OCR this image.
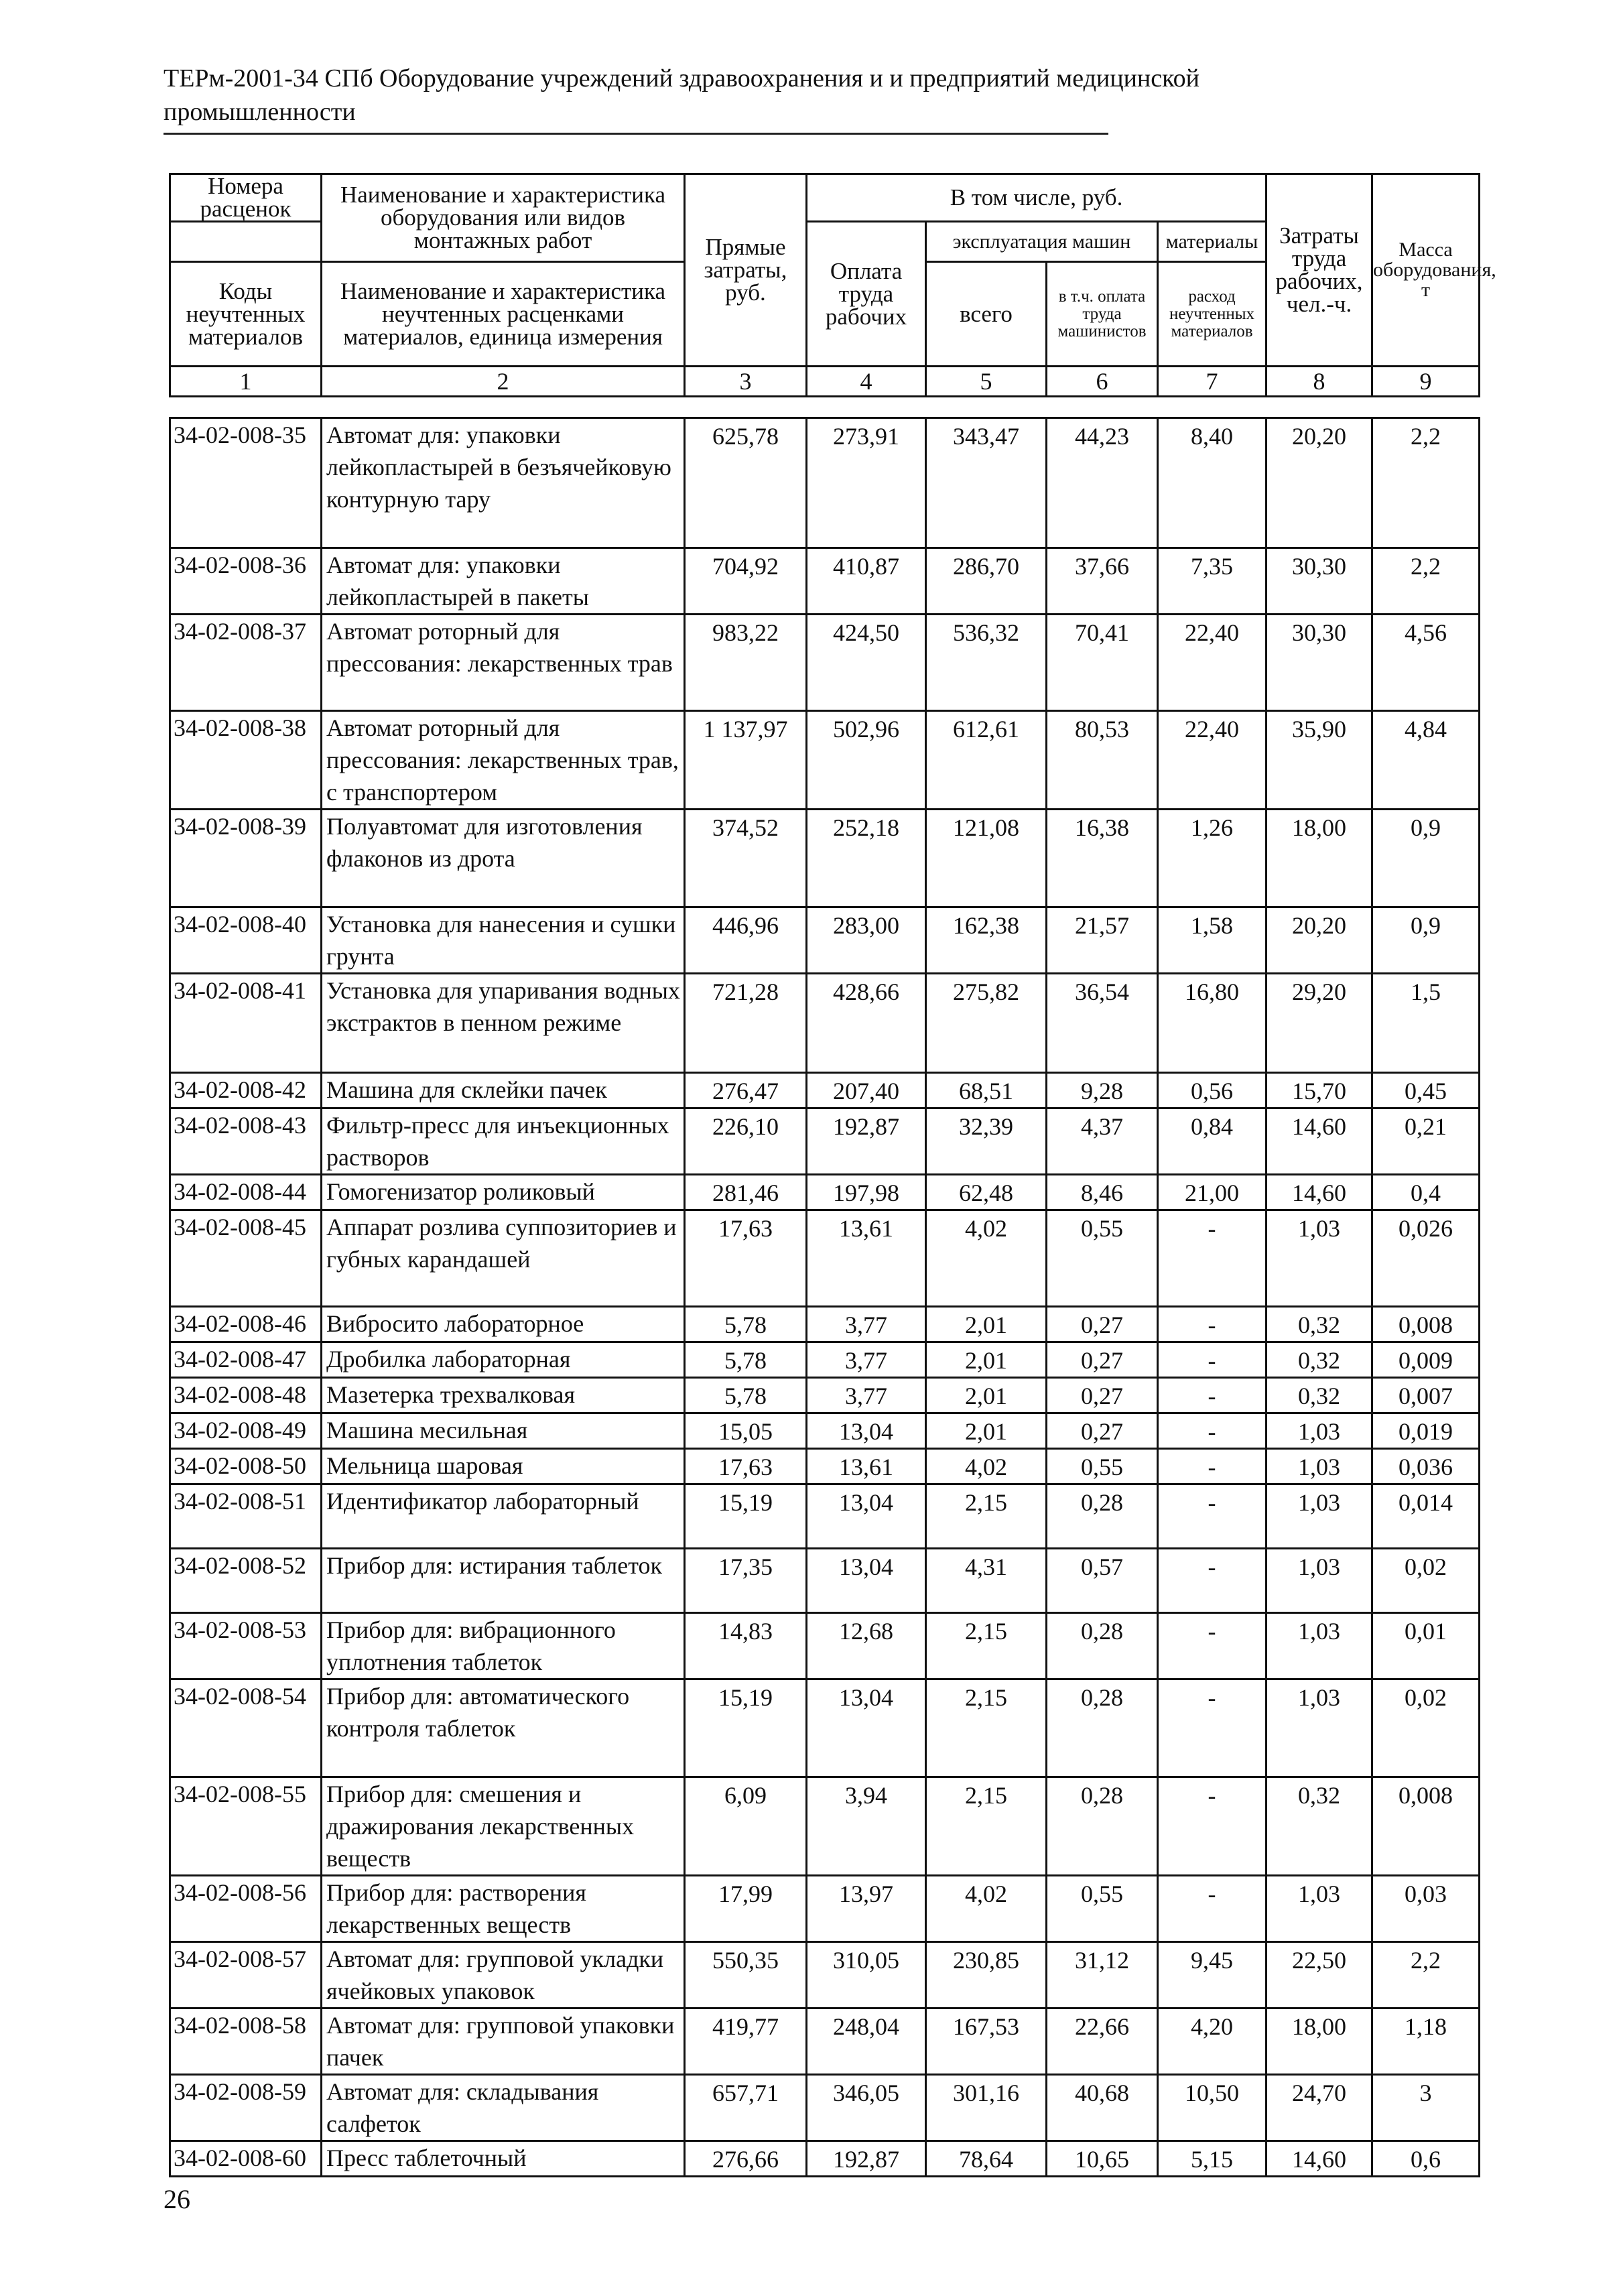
ТЕРм-2001-34 СПб Оборудование учреждений здравоохранения и и предприятий медицинской промышленности
Номера расценок	Наименование и характеристика оборудования или видов монтажных работ	Прямые затраты, руб.	В том числе, руб.				Затраты труда рабочих, чел.-ч.	Масса оборудования, т
			Оплата труда рабочих	эксплуатация машин		материалы		
Коды неучтенных материалов	Наименование и характеристика неучтенных расценками материалов, единица измерения			всего	в т.ч. оплата труда машинистов	расход неучтенных материалов		

1	2	3	4	5	6	7	8	9
34-02-008-35	Автомат для: упаковки лейкопластырей в безъячейковую контурную тару	625,78	273,91	343,47	44,23	8,40	20,20	2,2
34-02-008-36	Автомат для: упаковки лейкопластырей в пакеты	704,92	410,87	286,70	37,66	7,35	30,30	2,2
34-02-008-37	Автомат роторный для прессования: лекарственных трав	983,22	424,50	536,32	70,41	22,40	30,30	4,56
34-02-008-38	Автомат роторный для прессования: лекарственных трав, с транспортером	1 137,97	502,96	612,61	80,53	22,40	35,90	4,84
34-02-008-39	Полуавтомат для изготовления флаконов из дрота	374,52	252,18	121,08	16,38	1,26	18,00	0,9
34-02-008-40	Установка для нанесения и сушки грунта	446,96	283,00	162,38	21,57	1,58	20,20	0,9
34-02-008-41	Установка для упаривания водных экстрактов в пенном режиме	721,28	428,66	275,82	36,54	16,80	29,20	1,5
34-02-008-42	Машина для склейки пачек	276,47	207,40	68,51	9,28	0,56	15,70	0,45
34-02-008-43	Фильтр-пресс для инъекционных растворов	226,10	192,87	32,39	4,37	0,84	14,60	0,21
34-02-008-44	Гомогенизатор роликовый	281,46	197,98	62,48	8,46	21,00	14,60	0,4
34-02-008-45	Аппарат розлива суппозиториев и губных карандашей	17,63	13,61	4,02	0,55	-	1,03	0,026
34-02-008-46	Вибросито лабораторное	5,78	3,77	2,01	0,27	-	0,32	0,008
34-02-008-47	Дробилка лабораторная	5,78	3,77	2,01	0,27	-	0,32	0,009
34-02-008-48	Мазетерка трехвалковая	5,78	3,77	2,01	0,27	-	0,32	0,007
34-02-008-49	Машина месильная	15,05	13,04	2,01	0,27	-	1,03	0,019
34-02-008-50	Мельница шаровая	17,63	13,61	4,02	0,55	-	1,03	0,036
34-02-008-51	Идентификатор лабораторный	15,19	13,04	2,15	0,28	-	1,03	0,014
34-02-008-52	Прибор для: истирания таблеток	17,35	13,04	4,31	0,57	-	1,03	0,02
34-02-008-53	Прибор для: вибрационного уплотнения таблеток	14,83	12,68	2,15	0,28	-	1,03	0,01
34-02-008-54	Прибор для: автоматического контроля таблеток	15,19	13,04	2,15	0,28	-	1,03	0,02
34-02-008-55	Прибор для: смешения и дражирования лекарственных веществ	6,09	3,94	2,15	0,28	-	0,32	0,008
34-02-008-56	Прибор для: растворения лекарственных веществ	17,99	13,97	4,02	0,55	-	1,03	0,03
34-02-008-57	Автомат для: групповой укладки ячейковых упаковок	550,35	310,05	230,85	31,12	9,45	22,50	2,2
34-02-008-58	Автомат для: групповой упаковки пачек	419,77	248,04	167,53	22,66	4,20	18,00	1,18
34-02-008-59	Автомат для: складывания салфеток	657,71	346,05	301,16	40,68	10,50	24,70	3
34-02-008-60	Пресс таблеточный	276,66	192,87	78,64	10,65	5,15	14,60	0,6
26
